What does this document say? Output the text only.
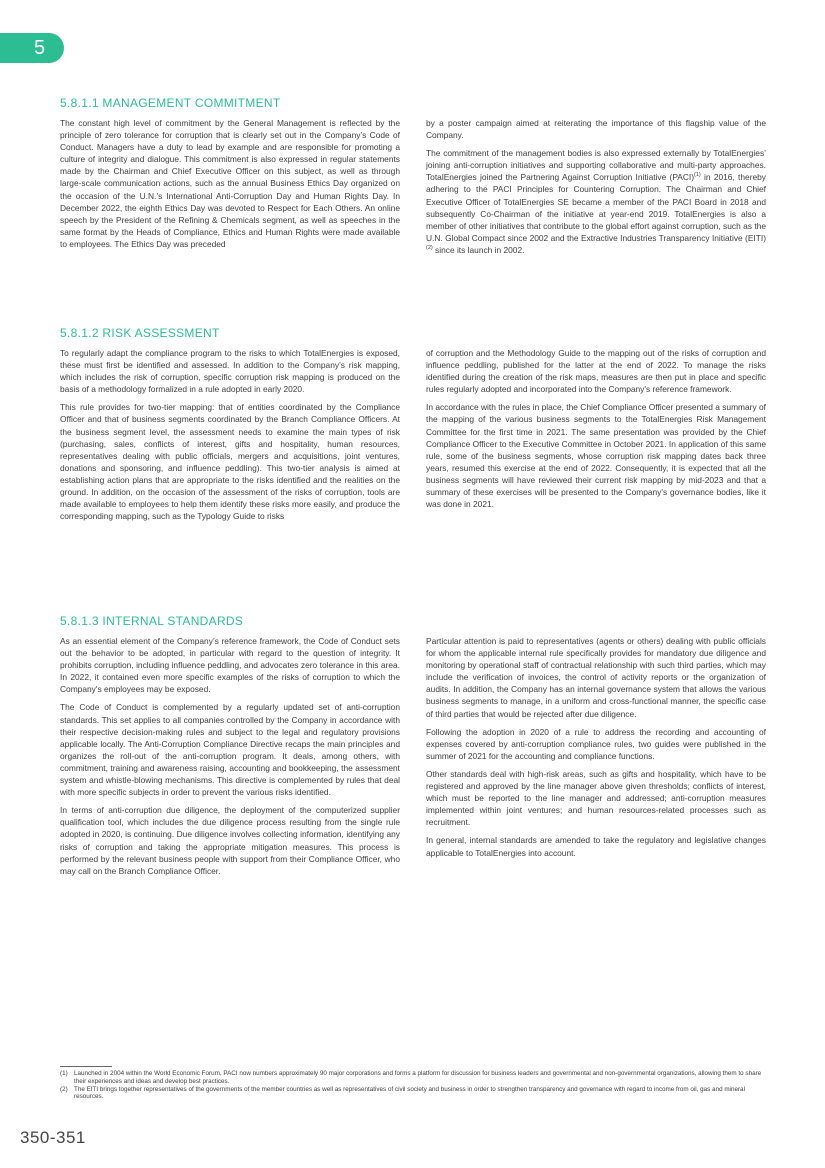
5
5.8.1.1 MANAGEMENT COMMITMENT

The constant high level of commitment by the General Management is reflected by the principle of zero tolerance for corruption that is clearly set out in the Company’s Code of Conduct. Managers have a duty to lead by example and are responsible for promoting a culture of integrity and dialogue. This commitment is also expressed in regular statements made by the Chairman and Chief Executive Officer on this subject, as well as through large-scale communication actions, such as the annual Business Ethics Day organized on the occasion of the U.N.’s International Anti-Corruption Day and Human Rights Day. In December 2022, the eighth Ethics Day was devoted to Respect for Each Others. An online speech by the President of the Refining & Chemicals segment, as well as speeches in the same format by the Heads of Compliance, Ethics and Human Rights were made available to employees. The Ethics Day was preceded

by a poster campaign aimed at reiterating the importance of this flagship value of the Company.

The commitment of the management bodies is also expressed externally by TotalEnergies’ joining anti-corruption initiatives and supporting collaborative and multi-party approaches. TotalEnergies joined the Partnering Against Corruption Initiative (PACI)$^{(1)}$ in 2016, thereby adhering to the PACI Principles for Countering Corruption. The Chairman and Chief Executive Officer of TotalEnergies SE became a member of the PACI Board in 2018 and subsequently Co-Chairman of the initiative at year-end 2019. TotalEnergies is also a member of other initiatives that contribute to the global effort against corruption, such as the U.N. Global Compact since 2002 and the Extractive Industries Transparency Initiative (EITI)$^{(2)}$ since its launch in 2002.

5.8.1.2 RISK ASSESSMENT

To regularly adapt the compliance program to the risks to which TotalEnergies is exposed, these must first be identified and assessed. In addition to the Company’s risk mapping, which includes the risk of corruption, specific corruption risk mapping is produced on the basis of a methodology formalized in a rule adopted in early 2020.

This rule provides for two-tier mapping: that of entities coordinated by the Compliance Officer and that of business segments coordinated by the Branch Compliance Officers. At the business segment level, the assessment needs to examine the main types of risk (purchasing, sales, conflicts of interest, gifts and hospitality, human resources, representatives dealing with public officials, mergers and acquisitions, joint ventures, donations and sponsoring, and influence peddling). This two-tier analysis is aimed at establishing action plans that are appropriate to the risks identified and the realities on the ground. In addition, on the occasion of the assessment of the risks of corruption, tools are made available to employees to help them identify these risks more easily, and produce the corresponding mapping, such as the Typology Guide to risks

of corruption and the Methodology Guide to the mapping out of the risks of corruption and influence peddling, published for the latter at the end of 2022. To manage the risks identified during the creation of the risk maps, measures are then put in place and specific rules regularly adopted and incorporated into the Company's reference framework.

In accordance with the rules in place, the Chief Compliance Officer presented a summary of the mapping of the various business segments to the TotalEnergies Risk Management Committee for the first time in 2021. The same presentation was provided by the Chief Compliance Officer to the Executive Committee in October 2021. In application of this same rule, some of the business segments, whose corruption risk mapping dates back three years, resumed this exercise at the end of 2022. Consequently, it is expected that all the business segments will have reviewed their current risk mapping by mid-2023 and that a summary of these exercises will be presented to the Company's governance bodies, like it was done in 2021.

5.8.1.3 INTERNAL STANDARDS

As an essential element of the Company’s reference framework, the Code of Conduct sets out the behavior to be adopted, in particular with regard to the question of integrity. It prohibits corruption, including influence peddling, and advocates zero tolerance in this area. In 2022, it contained even more specific examples of the risks of corruption to which the Company's employees may be exposed.

The Code of Conduct is complemented by a regularly updated set of anti-corruption standards. This set applies to all companies controlled by the Company in accordance with their respective decision-making rules and subject to the legal and regulatory provisions applicable locally. The Anti-Corruption Compliance Directive recaps the main principles and organizes the roll-out of the anti-corruption program. It deals, among others, with commitment, training and awareness raising, accounting and bookkeeping, the assessment system and whistle-blowing mechanisms. This directive is complemented by rules that deal with more specific subjects in order to prevent the various risks identified.

In terms of anti-corruption due diligence, the deployment of the computerized supplier qualification tool, which includes the due diligence process resulting from the single rule adopted in 2020, is continuing. Due diligence involves collecting information, identifying any risks of corruption and taking the appropriate mitigation measures. This process is performed by the relevant business people with support from their Compliance Officer, who may call on the Branch Compliance Officer.

Particular attention is paid to representatives (agents or others) dealing with public officials for whom the applicable internal rule specifically provides for mandatory due diligence and monitoring by operational staff of contractual relationship with such third parties, which may include the verification of invoices, the control of activity reports or the organization of audits. In addition, the Company has an internal governance system that allows the various business segments to manage, in a uniform and cross-functional manner, the specific case of third parties that would be rejected after due diligence.

Following the adoption in 2020 of a rule to address the recording and accounting of expenses covered by anti-corruption compliance rules, two guides were published in the summer of 2021 for the accounting and compliance functions.

Other standards deal with high-risk areas, such as gifts and hospitality, which have to be registered and approved by the line manager above given thresholds; conflicts of interest, which must be reported to the line manager and addressed; anti-corruption measures implemented within joint ventures; and human resources-related processes such as recruitment.

In general, internal standards are amended to take the regulatory and legislative changes applicable to TotalEnergies into account.

(1) Launched in 2004 within the World Economic Forum, PACI now numbers approximately 90 major corporations and forms a platform for discussion for business leaders and governmental and non-governmental organizations, allowing them to share their experiences and ideas and develop best practices.
(2) The EITI brings together representatives of the governments of the member countries as well as representatives of civil society and business in order to strengthen transparency and governance with regard to income from oil, gas and mineral resources.
350-351
